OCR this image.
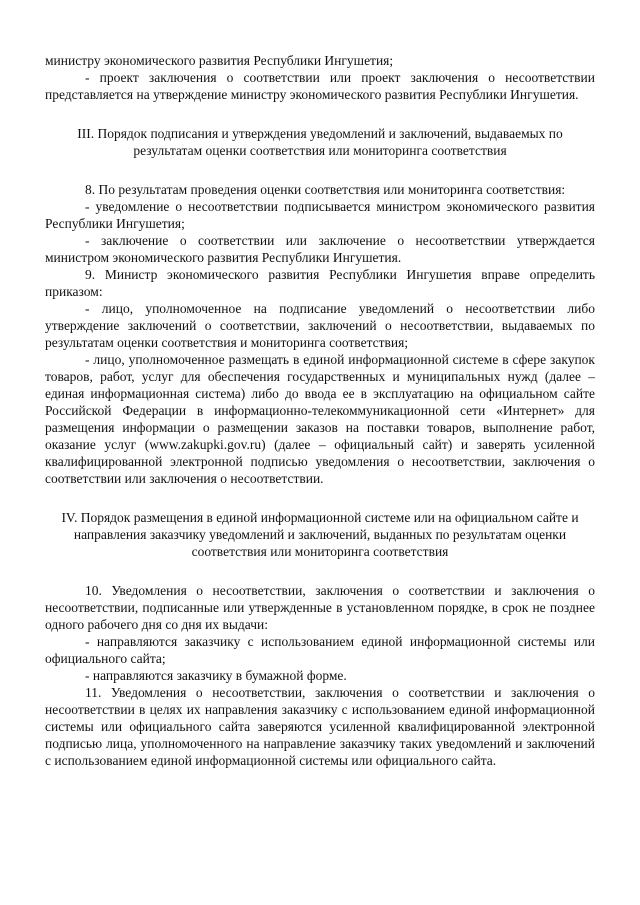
министру экономического развития Республики Ингушетия;

- проект заключения о соответствии или проект заключения о несоответствии представляется на утверждение министру экономического развития Республики Ингушетия.

III. Порядок подписания и утверждения уведомлений и заключений, выдаваемых по результатам оценки соответствия или мониторинга соответствия

8. По результатам проведения оценки соответствия или мониторинга соответствия:

- уведомление о несоответствии подписывается министром экономического развития Республики Ингушетия;

- заключение о соответствии или заключение о несоответствии утверждается министром экономического развития Республики Ингушетия.

9. Министр экономического развития Республики Ингушетия вправе определить приказом:

- лицо, уполномоченное на подписание уведомлений о несоответствии либо утверждение заключений о соответствии, заключений о несоответствии, выдаваемых по результатам оценки соответствия и мониторинга соответствия;

- лицо, уполномоченное размещать в единой информационной системе в сфере закупок товаров, работ, услуг для обеспечения государственных и муниципальных нужд (далее – единая информационная система) либо до ввода ее в эксплуатацию на официальном сайте Российской Федерации в информационно-телекоммуникационной сети «Интернет» для размещения информации о размещении заказов на поставки товаров, выполнение работ, оказание услуг (www.zakupki.gov.ru) (далее – официальный сайт) и заверять усиленной квалифицированной электронной подписью уведомления о несоответствии, заключения о соответствии или заключения о несоответствии.

IV. Порядок размещения в единой информационной системе или на официальном сайте и направления заказчику уведомлений и заключений, выданных по результатам оценки соответствия или мониторинга соответствия

10. Уведомления о несоответствии, заключения о соответствии и заключения о несоответствии, подписанные или утвержденные в установленном порядке, в срок не позднее одного рабочего дня со дня их выдачи:

- направляются заказчику с использованием единой информационной системы или официального сайта;

- направляются заказчику в бумажной форме.

11. Уведомления о несоответствии, заключения о соответствии и заключения о несоответствии в целях их направления заказчику с использованием единой информационной системы или официального сайта заверяются усиленной квалифицированной электронной подписью лица, уполномоченного на направление заказчику таких уведомлений и заключений с использованием единой информационной системы или официального сайта.
